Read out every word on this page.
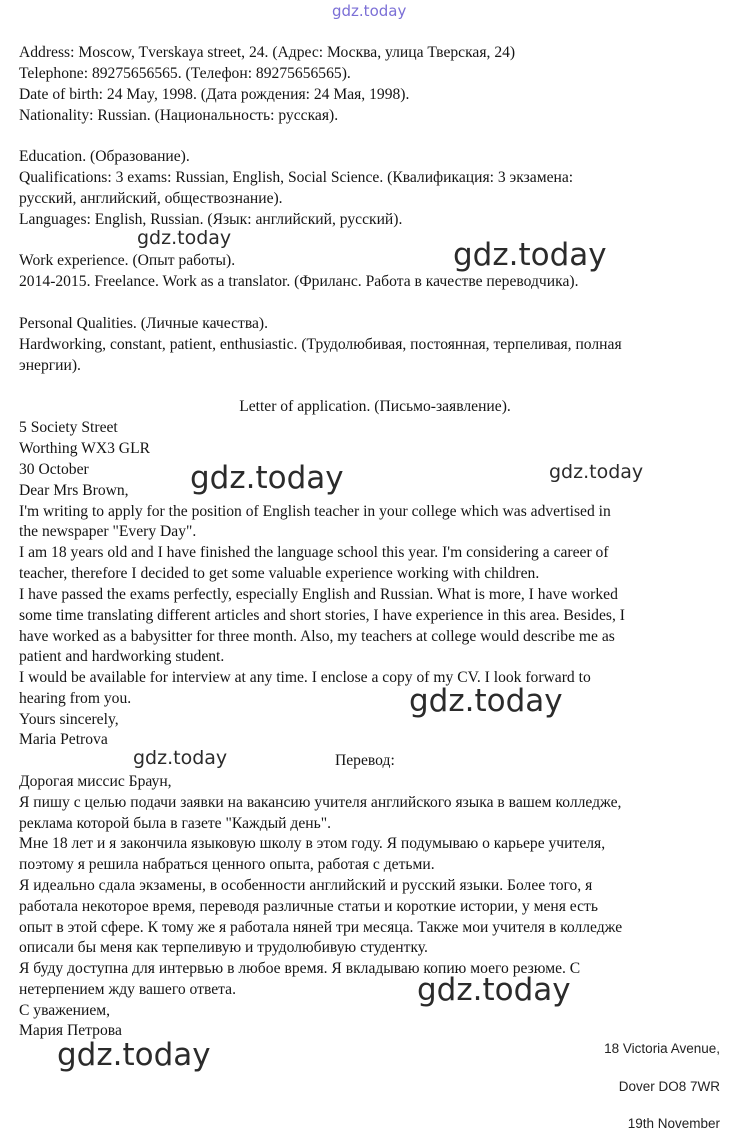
gdz.today
gdz.today	gdz.today
gdz.today	gdz.today
gdz.today
gdz.today
gdz.today
gdz.today
Address: Moscow, Tverskaya street, 24. (Адрес: Москва, улица Тверская, 24)
Telephone: 89275656565. (Телефон: 89275656565).
Date of birth: 24 May, 1998. (Дата рождения: 24 Мая, 1998).
Nationality: Russian. (Национальность: русская).
Education. (Образование).
Qualifications: 3 exams: Russian, English, Social Science. (Квалификация: 3 экзамена:
русский, английский, обществознание).
Languages: English, Russian. (Язык: английский, русский).
Work experience. (Опыт работы).
2014-2015. Freelance. Work as a translator. (Фриланс. Работа в качестве переводчика).
Personal Qualities. (Личные качества).
Hardworking, constant, patient, enthusiastic. (Трудолюбивая, постоянная, терпеливая, полная
энергии).
Letter of application. (Письмо-заявление).
5 Society Street
Worthing WX3 GLR
30 October
Dear Mrs Brown,
I'm writing to apply for the position of English teacher in your college which was advertised in
the newspaper "Every Day".
I am 18 years old and I have finished the language school this year. I'm considering a career of
teacher, therefore I decided to get some valuable experience working with children.
I have passed the exams perfectly, especially English and Russian. What is more, I have worked
some time translating different articles and short stories, I have experience in this area. Besides, I
have worked as a babysitter for three month. Also, my teachers at college would describe me as
patient and hardworking student.
I would be available for interview at any time. I enclose a copy of my CV. I look forward to
hearing from you.
Yours sincerely,
Maria Petrova
Перевод:
Дорогая миссис Браун,
Я пишу с целью подачи заявки на вакансию учителя английского языка в вашем колледже,
реклама которой была в газете "Каждый день".
Мне 18 лет и я закончила языковую школу в этом году. Я подумываю о карьере учителя,
поэтому я решила набраться ценного опыта, работая с детьми.
Я идеально сдала экзамены, в особенности английский и русский языки. Более того, я
работала некоторое время, переводя различные статьи и короткие истории, у меня есть
опыт в этой сфере. К тому же я работала няней три месяца. Также мои учителя в колледже
описали бы меня как терпеливую и трудолюбивую студентку.
Я буду доступна для интервью в любое время. Я вкладываю копию моего резюме. С
нетерпением жду вашего ответа.
С уважением,
Мария Петрова
18 Victoria Avenue,
Dover DO8 7WR
19th November
